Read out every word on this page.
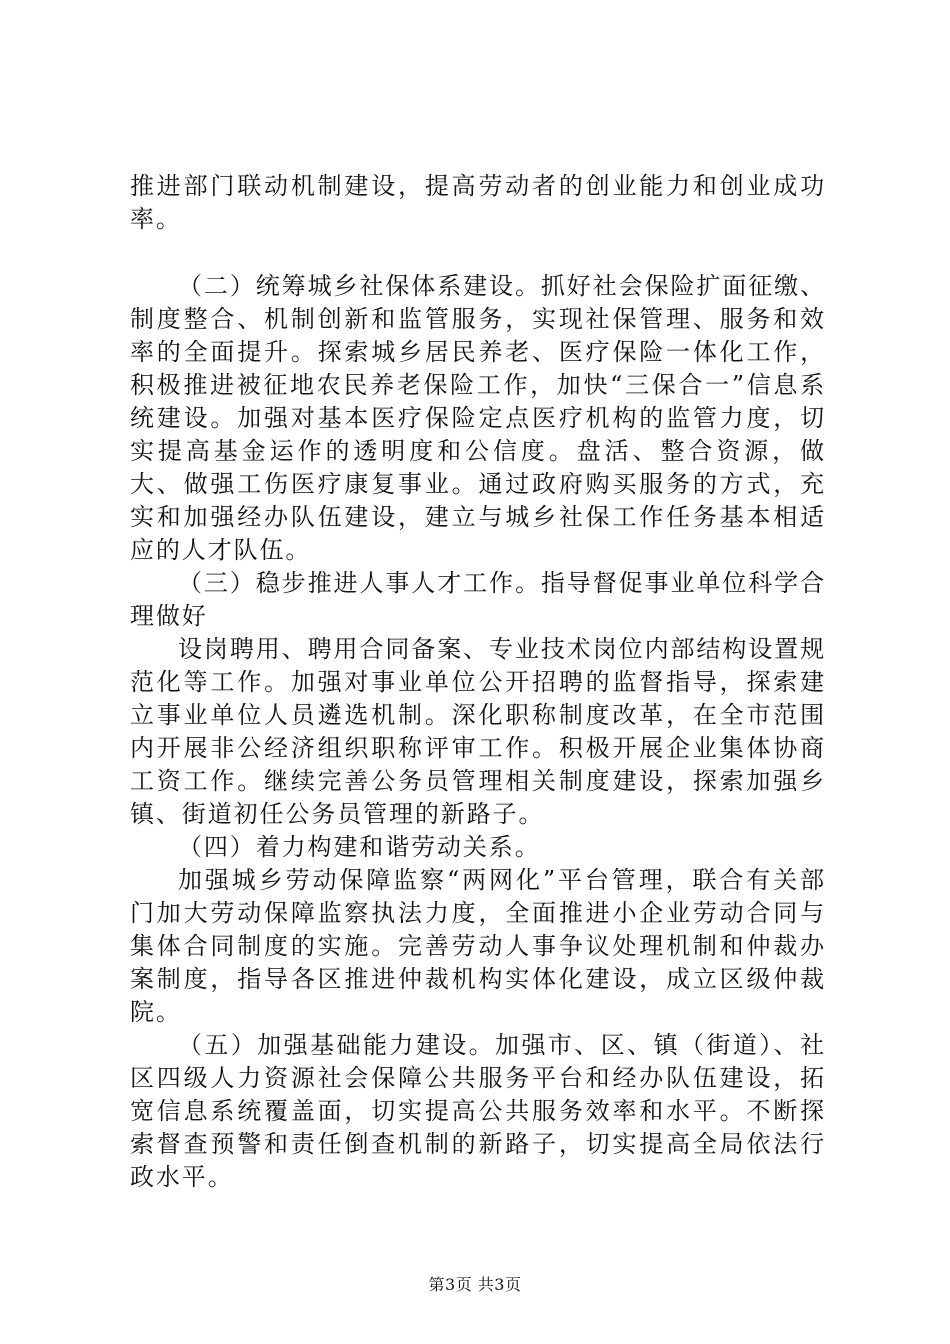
推进部门联动机制建设，提高劳动者的创业能力和创业成功率。

（二）统筹城乡社保体系建设。抓好社会保险扩面征缴、制度整合、机制创新和监管服务，实现社保管理、服务和效率的全面提升。探索城乡居民养老、医疗保险一体化工作，积极推进被征地农民养老保险工作，加快“三保合一”信息系统建设。加强对基本医疗保险定点医疗机构的监管力度，切实提高基金运作的透明度和公信度。盘活、整合资源，做大、做强工伤医疗康复事业。通过政府购买服务的方式，充实和加强经办队伍建设，建立与城乡社保工作任务基本相适应的人才队伍。

（三）稳步推进人事人才工作。指导督促事业单位科学合理做好

设岗聘用、聘用合同备案、专业技术岗位内部结构设置规范化等工作。加强对事业单位公开招聘的监督指导，探索建立事业单位人员遴选机制。深化职称制度改革，在全市范围内开展非公经济组织职称评审工作。积极开展企业集体协商工资工作。继续完善公务员管理相关制度建设，探索加强乡镇、街道初任公务员管理的新路子。

（四）着力构建和谐劳动关系。

加强城乡劳动保障监察“两网化”平台管理，联合有关部门加大劳动保障监察执法力度，全面推进小企业劳动合同与集体合同制度的实施。完善劳动人事争议处理机制和仲裁办案制度，指导各区推进仲裁机构实体化建设，成立区级仲裁院。

（五）加强基础能力建设。加强市、区、镇（街道）、社区四级人力资源社会保障公共服务平台和经办队伍建设，拓宽信息系统覆盖面，切实提高公共服务效率和水平。不断探索督查预警和责任倒查机制的新路子，切实提高全局依法行政水平。

第3页 共3页
